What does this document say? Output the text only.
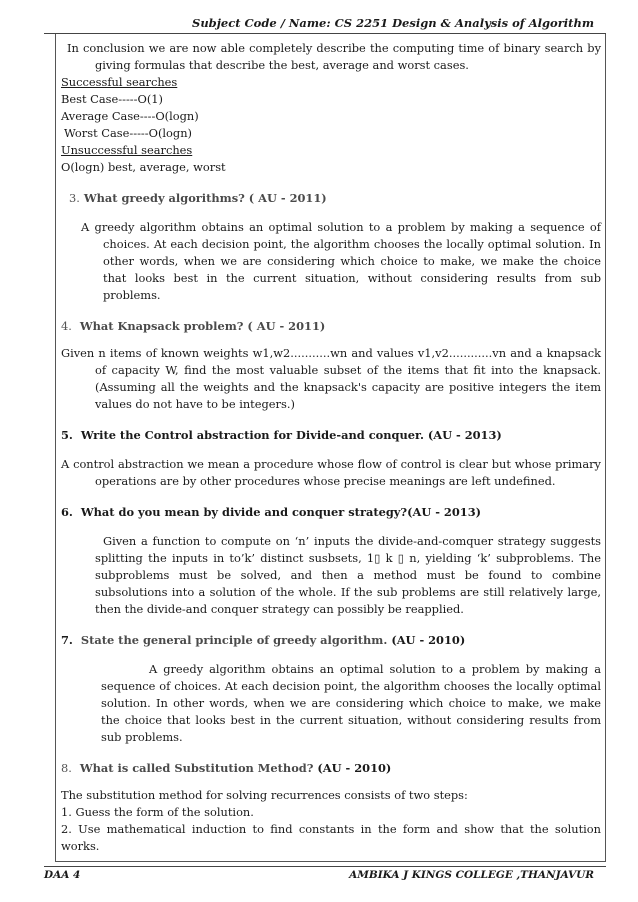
Subject Code / Name: CS 2251 Design & Analysis of Algorithm

In conclusion we are now able completely describe the computing time of binary search by giving formulas that describe the best, average and worst cases.

Successful searches

Best Case-----O(1)

Average Case----O(logn)

Worst Case-----O(logn)

Unsuccessful searches

O(logn) best, average, worst

3. What greedy algorithms? ( AU - 2011)

A greedy algorithm obtains an optimal solution to a problem by making a sequence of choices. At each decision point, the algorithm chooses the locally optimal solution. In other words, when we are considering which choice to make, we make the choice that looks best in the current situation, without considering results from sub problems.

4. What Knapsack problem? ( AU - 2011)

Given n items of known weights w1,w2...........wn and values v1,v2............vn and a knapsack of capacity W, find the most valuable subset of the items that fit into the knapsack.(Assuming all the weights and the knapsack's capacity are positive integers the item values do not have to be integers.)

5. Write the Control abstraction for Divide-and conquer. (AU - 2013)

A control abstraction we mean a procedure whose flow of control is clear but whose primary operations are by other procedures whose precise meanings are left undefined.

6. What do you mean by divide and conquer strategy?(AU - 2013)

Given a function to compute on ‘n’ inputs the divide-and-comquer strategy suggests splitting the inputs in to’k’ distinct susbsets, 1▯ k ▯ n, yielding ‘k’ subproblems. The subproblems must be solved, and then a method must be found to combine subsolutions into a solution of the whole. If the sub problems are still relatively large, then the divide-and conquer strategy can possibly be reapplied.

7. State the general principle of greedy algorithm. (AU - 2010)

A greedy algorithm obtains an optimal solution to a problem by making a sequence of choices. At each decision point, the algorithm chooses the locally optimal solution. In other words, when we are considering which choice to make, we make the choice that looks best in the current situation, without considering results from sub problems.

8. What is called Substitution Method? (AU - 2010)

The substitution method for solving recurrences consists of two steps:

1. Guess the form of the solution.

2. Use mathematical induction to find constants in the form and show that the solution works.

DAA 4	AMBIKA J KINGS COLLEGE ,THANJAVUR
